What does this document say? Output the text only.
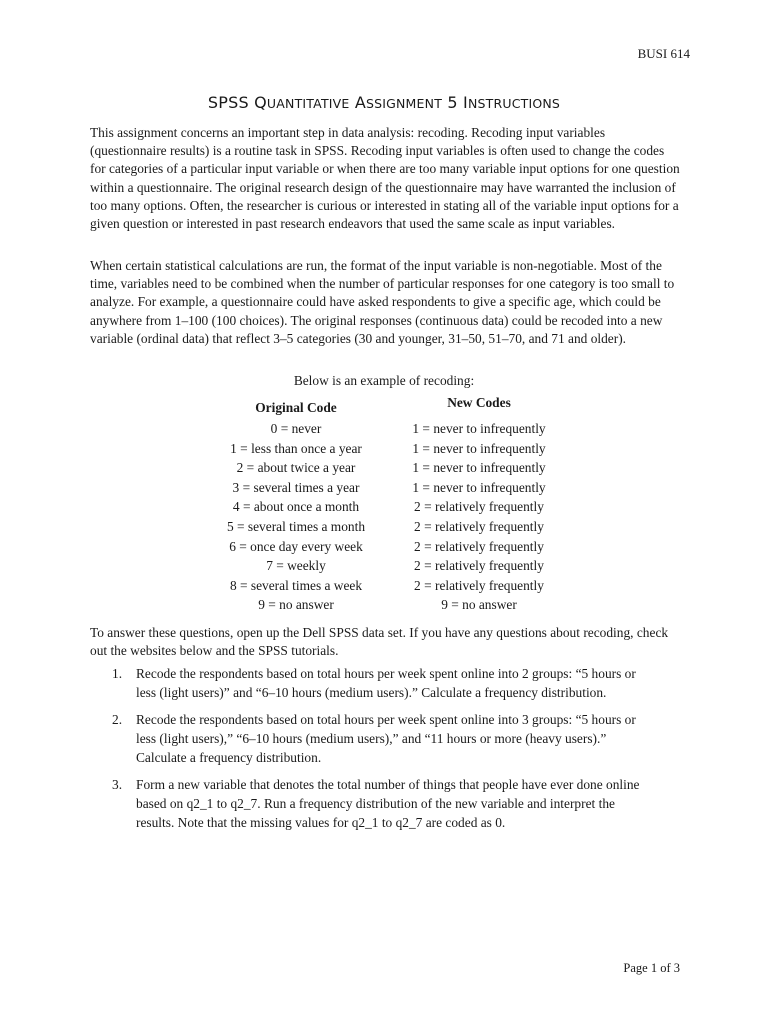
BUSI 614
SPSS QUANTITATIVE ASSIGNMENT 5 INSTRUCTIONS

This assignment concerns an important step in data analysis: recoding. Recoding input variables (questionnaire results) is a routine task in SPSS. Recoding input variables is often used to change the codes for categories of a particular input variable or when there are too many variable input options for one question within a questionnaire. The original research design of the questionnaire may have warranted the inclusion of too many options. Often, the researcher is curious or interested in stating all of the variable input options for a given question or interested in past research endeavors that used the same scale as input variables.

When certain statistical calculations are run, the format of the input variable is non-negotiable. Most of the time, variables need to be combined when the number of particular responses for one category is too small to analyze. For example, a questionnaire could have asked respondents to give a specific age, which could be anywhere from 1–100 (100 choices). The original responses (continuous data) could be recoded into a new variable (ordinal data) that reflect 3–5 categories (30 and younger, 31–50, 51–70, and 71 and older).

Below is an example of recoding:
Original Code
0 = never
1 = less than once a year
2 = about twice a year
3 = several times a year
4 = about once a month
5 = several times a month
6 = once day every week
7 = weekly
8 = several times a week
9 = no answer
New Codes
1 = never to infrequently
1 = never to infrequently
1 = never to infrequently
1 = never to infrequently
2 = relatively frequently
2 = relatively frequently
2 = relatively frequently
2 = relatively frequently
2 = relatively frequently
9 = no answer

To answer these questions, open up the Dell SPSS data set. If you have any questions about recoding, check out the websites below and the SPSS tutorials.

1. Recode the respondents based on total hours per week spent online into 2 groups: “5 hours or less (light users)” and “6–10 hours (medium users).” Calculate a frequency distribution.
2. Recode the respondents based on total hours per week spent online into 3 groups: “5 hours or less (light users),” “6–10 hours (medium users),” and “11 hours or more (heavy users).” Calculate a frequency distribution.
3. Form a new variable that denotes the total number of things that people have ever done online based on q2_1 to q2_7. Run a frequency distribution of the new variable and interpret the results. Note that the missing values for q2_1 to q2_7 are coded as 0.
Page 1 of 3
